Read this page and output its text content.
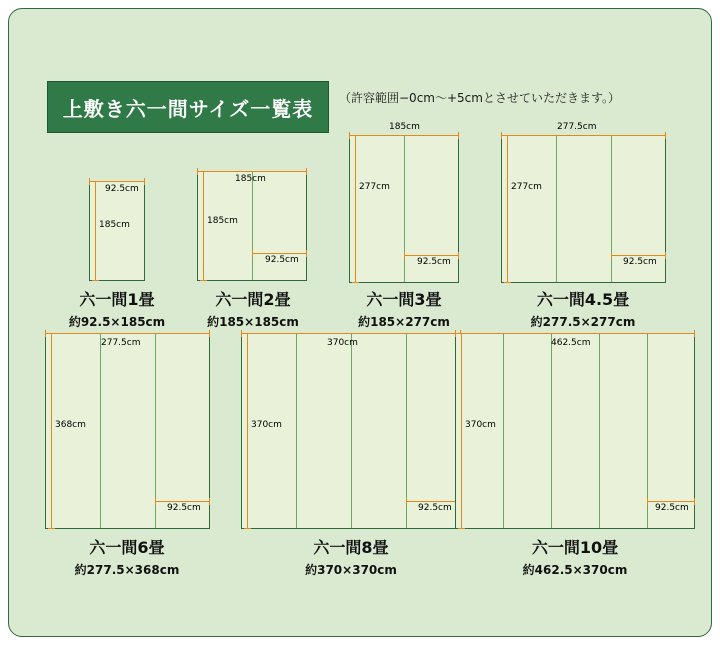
上敷き六一間サイズ一覧表 （許容範囲−0cm〜+5cmとさせていただきます。）
92.5cm
185cm
六一間1畳
約92.5×185cm
185cm
185cm
92.5cm
六一間2畳
約185×185cm
185cm
277cm
92.5cm
六一間3畳
約185×277cm
277.5cm
277cm
92.5cm
六一間4.5畳
約277.5×277cm
277.5cm
368cm
92.5cm
六一間6畳
約277.5×368cm
370cm
370cm
92.5cm
六一間8畳
約370×370cm
462.5cm
370cm
92.5cm
六一間10畳
約462.5×370cm
